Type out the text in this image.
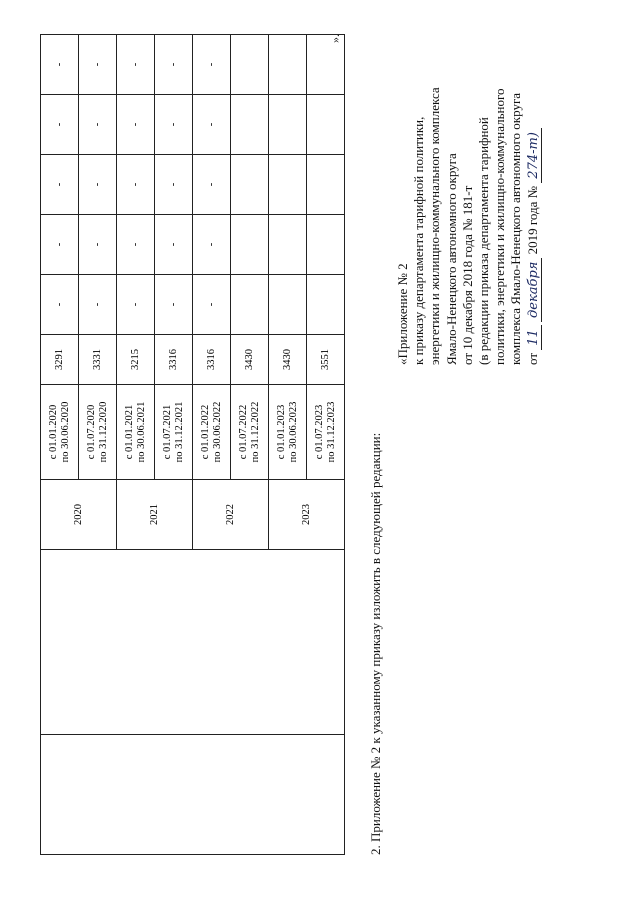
		2020	с 01.01.2020 по 30.06.2020	3291	-	-	-	-	-

			с 01.07.2020 по 31.12.2020	3331	-	-	-	-	-
		2021	с 01.01.2021 по 30.06.2021	3215	-	-	-	-	-

			с 01.07.2021 по 31.12.2021	3316	-	-	-	-	-
		2022	с 01.01.2022 по 30.06.2022	3316	-	-	-	-	-

			с 01.07.2022 по 31.12.2022	3430					
		2023	с 01.01.2023 по 30.06.2023	3430					

			с 01.07.2023 по 31.12.2023	3551					
».
2. Приложение № 2 к указанному приказу изложить в следующей редакции:
«Приложение № 2 к приказу департамента тарифной политики, энергетики и жилищно-коммунального комплекса Ямало-Ненецкого автономного округа от 10 декабря 2018 года № 181-т (в редакции приказа департамента тарифной политики, энергетики и жилищно-коммунального комплекса Ямало-Ненецкого автономного округа от 11 декабря 2019 года № 274-т)
